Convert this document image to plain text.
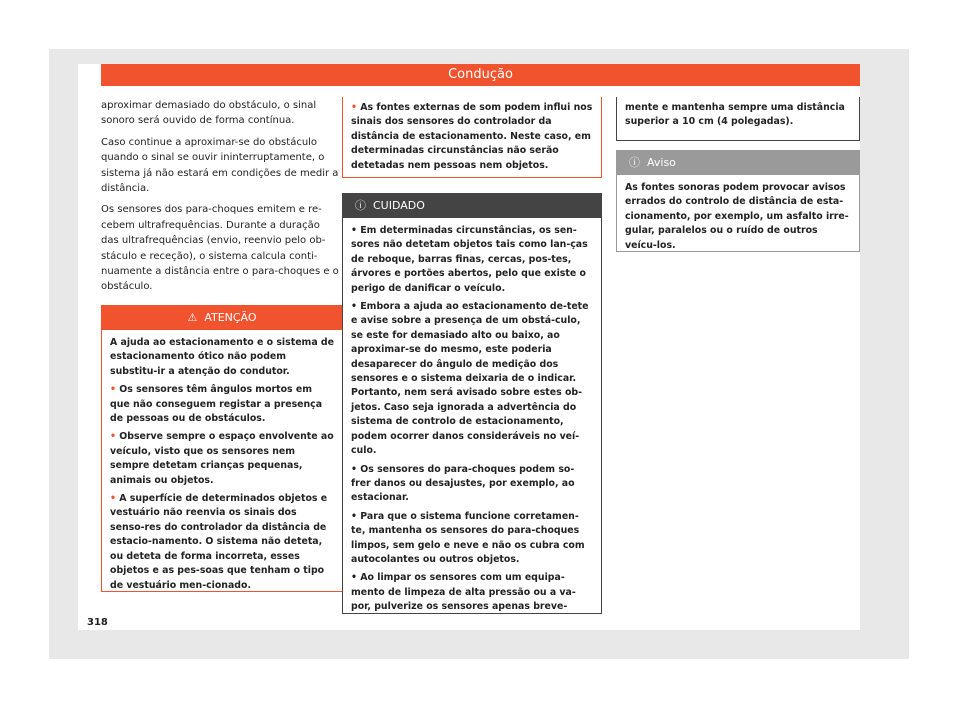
Condução

aproximar demasiado do obstáculo, o sinal sonoro será ouvido de forma contínua.

Caso continue a aproximar-se do obstáculo quando o sinal se ouvir ininterruptamente, o sistema já não estará em condições de medir a distância.

Os sensores dos para-choques emitem e re-cebem ultrafrequências. Durante a duração das ultrafrequências (envio, reenvio pelo ob-stáculo e receção), o sistema calcula conti-nuamente a distância entre o para-choques e o obstáculo.

⚠ ATENÇÃO

A ajuda ao estacionamento e o sistema de estacionamento ótico não podem substitu-ir a atenção do condutor.

• Os sensores têm ângulos mortos em que não conseguem registar a presença de pessoas ou de obstáculos.

• Observe sempre o espaço envolvente ao veículo, visto que os sensores nem sempre detetam crianças pequenas, animais ou objetos.

• A superfície de determinados objetos e vestuário não reenvia os sinais dos senso-res do controlador da distância de estacio-namento. O sistema não deteta, ou deteta de forma incorreta, esses objetos e as pes-soas que tenham o tipo de vestuário men-cionado.

• As fontes externas de som podem influi nos sinais dos sensores do controlador da distância de estacionamento. Neste caso, em determinadas circunstâncias não serão detetadas nem pessoas nem objetos.

ⓘ CUIDADO

• Em determinadas circunstâncias, os sen-sores não detetam objetos tais como lan-ças de reboque, barras finas, cercas, pos-tes, árvores e portões abertos, pelo que existe o perigo de danificar o veículo.

• Embora a ajuda ao estacionamento de-tete e avise sobre a presença de um obstá-culo, se este for demasiado alto ou baixo, ao aproximar-se do mesmo, este poderia desaparecer do ângulo de medição dos sensores e o sistema deixaria de o indicar. Portanto, nem será avisado sobre estes ob-jetos. Caso seja ignorada a advertência do sistema de controlo de estacionamento, podem ocorrer danos consideráveis no veí-culo.

• Os sensores do para-choques podem so-frer danos ou desajustes, por exemplo, ao estacionar.

• Para que o sistema funcione corretamen-te, mantenha os sensores do para-choques limpos, sem gelo e neve e não os cubra com autocolantes ou outros objetos.

• Ao limpar os sensores com um equipa-mento de limpeza de alta pressão ou a va-por, pulverize os sensores apenas breve-

mente e mantenha sempre uma distância superior a 10 cm (4 polegadas).

ⓘ Aviso

As fontes sonoras podem provocar avisos errados do controlo de distância de esta-cionamento, por exemplo, um asfalto irre-gular, paralelos ou o ruído de outros veícu-los.

318
